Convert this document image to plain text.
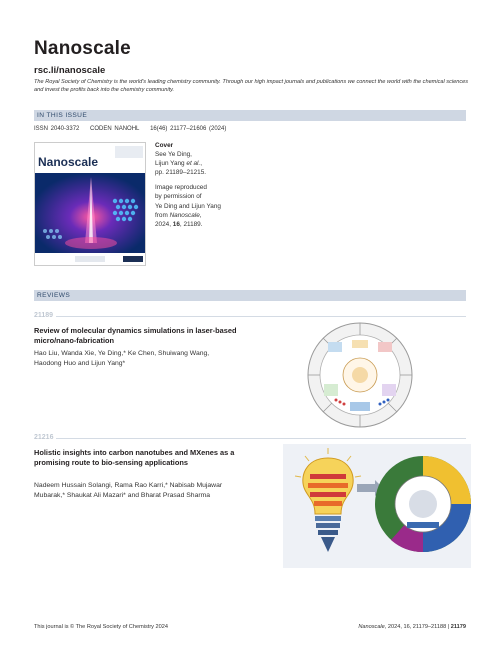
Nanoscale
rsc.li/nanoscale
The Royal Society of Chemistry is the world's leading chemistry community. Through our high impact journals and publications we connect the world with the chemical sciences and invest the profits back into the chemistry community.
IN THIS ISSUE
ISSN 2040-3372 CODEN NANOHL 16(46) 21177–21606 (2024)
Nanoscale
Cover
See Ye Ding,
Lijun Yang et al.,
pp. 21189–21215.
Image reproduced
by permission of
Ye Ding and Lijun Yang
from Nanoscale,
2024, 16, 21189.
REVIEWS
21189
Review of molecular dynamics simulations in laser-based micro/nano-fabrication
Hao Liu, Wanda Xie, Ye Ding,* Ke Chen, Shuiwang Wang, Haodong Huo and Lijun Yang*
21216
Holistic insights into carbon nanotubes and MXenes as a promising route to bio-sensing applications
Nadeem Hussain Solangi, Rama Rao Karri,* Nabisab Mujawar Mubarak,* Shaukat Ali Mazari* and Bharat Prasad Sharma
This journal is © The Royal Society of Chemistry 2024	Nanoscale, 2024, 16, 21179–21188 | 21179
